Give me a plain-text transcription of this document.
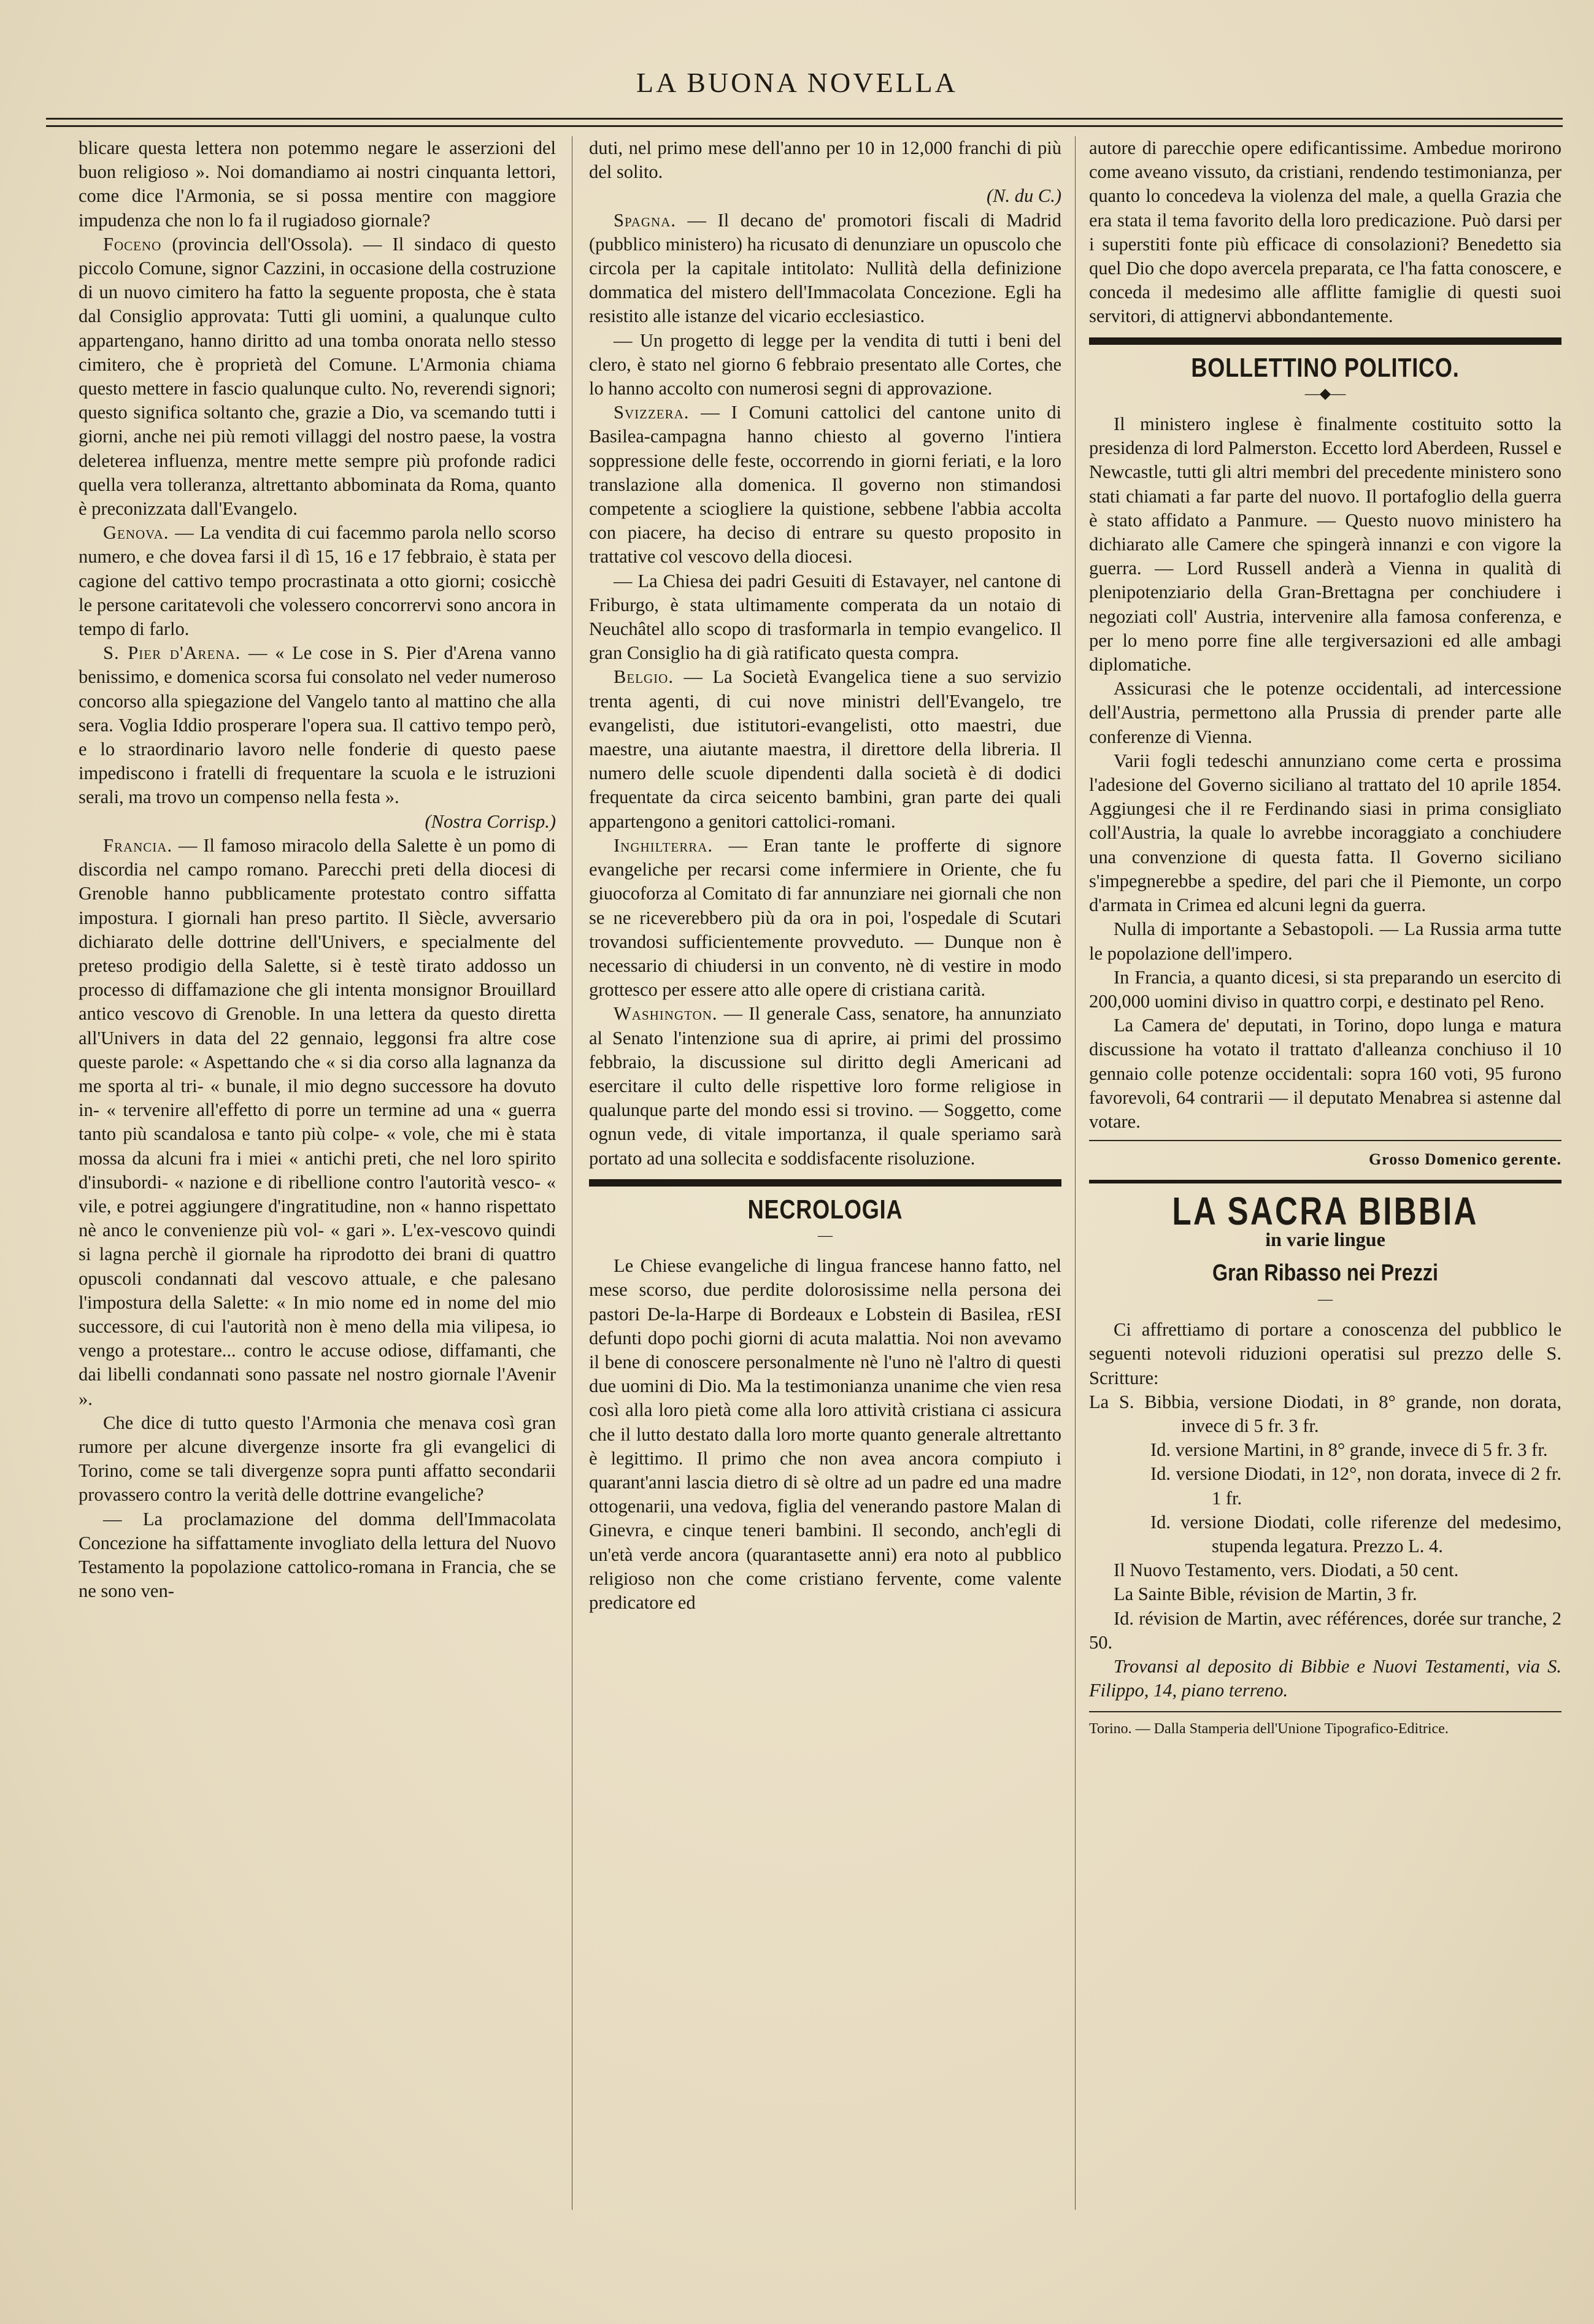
LA BUONA NOVELLA

blicare questa lettera non potemmo negare le asserzioni del buon religioso ». Noi domandiamo ai nostri cinquanta lettori, come dice l'Armonia, se si possa mentire con maggiore impudenza che non lo fa il rugiadoso giornale?

Foceno (provincia dell'Ossola). — Il sindaco di questo piccolo Comune, signor Cazzini, in occasione della costruzione di un nuovo cimitero ha fatto la seguente proposta, che è stata dal Consiglio approvata: Tutti gli uomini, a qualunque culto appartengano, hanno diritto ad una tomba onorata nello stesso cimitero, che è proprietà del Comune. L'Armonia chiama questo mettere in fascio qualunque culto. No, reverendi signori; questo significa soltanto che, grazie a Dio, va scemando tutti i giorni, anche nei più remoti villaggi del nostro paese, la vostra deleterea influenza, mentre mette sempre più profonde radici quella vera tolleranza, altrettanto abbominata da Roma, quanto è preconizzata dall'Evangelo.

Genova. — La vendita di cui facemmo parola nello scorso numero, e che dovea farsi il dì 15, 16 e 17 febbraio, è stata per cagione del cattivo tempo procrastinata a otto giorni; cosicchè le persone caritatevoli che volessero concorrervi sono ancora in tempo di farlo.

S. Pier d'Arena. — « Le cose in S. Pier d'Arena vanno benissimo, e domenica scorsa fui consolato nel veder numeroso concorso alla spiegazione del Vangelo tanto al mattino che alla sera. Voglia Iddio prosperare l'opera sua. Il cattivo tempo però, e lo straordinario lavoro nelle fonderie di questo paese impediscono i fratelli di frequentare la scuola e le istruzioni serali, ma trovo un compenso nella festa ».

(Nostra Corrisp.)

Francia. — Il famoso miracolo della Salette è un pomo di discordia nel campo romano. Parecchi preti della diocesi di Grenoble hanno pubblicamente protestato contro siffatta impostura. I giornali han preso partito. Il Siècle, avversario dichiarato delle dottrine dell'Univers, e specialmente del preteso prodigio della Salette, si è testè tirato addosso un processo di diffamazione che gli intenta monsignor Brouillard antico vescovo di Grenoble. In una lettera da questo diretta all'Univers in data del 22 gennaio, leggonsi fra altre cose queste parole: « Aspettando che « si dia corso alla lagnanza da me sporta al tri- « bunale, il mio degno successore ha dovuto in- « tervenire all'effetto di porre un termine ad una « guerra tanto più scandalosa e tanto più colpe- « vole, che mi è stata mossa da alcuni fra i miei « antichi preti, che nel loro spirito d'insubordi- « nazione e di ribellione contro l'autorità vesco- « vile, e potrei aggiungere d'ingratitudine, non « hanno rispettato nè anco le convenienze più vol- « gari ». L'ex-vescovo quindi si lagna perchè il giornale ha riprodotto dei brani di quattro opuscoli condannati dal vescovo attuale, e che palesano l'impostura della Salette: « In mio nome ed in nome del mio successore, di cui l'autorità non è meno della mia vilipesa, io vengo a protestare... contro le accuse odiose, diffamanti, che dai libelli condannati sono passate nel nostro giornale l'Avenir ».

Che dice di tutto questo l'Armonia che menava così gran rumore per alcune divergenze insorte fra gli evangelici di Torino, come se tali divergenze sopra punti affatto secondarii provassero contro la verità delle dottrine evangeliche?

— La proclamazione del domma dell'Immacolata Concezione ha siffattamente invogliato della lettura del Nuovo Testamento la popolazione cattolico-romana in Francia, che se ne sono ven-

duti, nel primo mese dell'anno per 10 in 12,000 franchi di più del solito.

(N. du C.)

Spagna. — Il decano de' promotori fiscali di Madrid (pubblico ministero) ha ricusato di denunziare un opuscolo che circola per la capitale intitolato: Nullità della definizione dommatica del mistero dell'Immacolata Concezione. Egli ha resistito alle istanze del vicario ecclesiastico.

— Un progetto di legge per la vendita di tutti i beni del clero, è stato nel giorno 6 febbraio presentato alle Cortes, che lo hanno accolto con numerosi segni di approvazione.

Svizzera. — I Comuni cattolici del cantone unito di Basilea-campagna hanno chiesto al governo l'intiera soppressione delle feste, occorrendo in giorni feriati, e la loro translazione alla domenica. Il governo non stimandosi competente a sciogliere la quistione, sebbene l'abbia accolta con piacere, ha deciso di entrare su questo proposito in trattative col vescovo della diocesi.

— La Chiesa dei padri Gesuiti di Estavayer, nel cantone di Friburgo, è stata ultimamente comperata da un notaio di Neuchâtel allo scopo di trasformarla in tempio evangelico. Il gran Consiglio ha di già ratificato questa compra.

Belgio. — La Società Evangelica tiene a suo servizio trenta agenti, di cui nove ministri dell'Evangelo, tre evangelisti, due istitutori-evangelisti, otto maestri, due maestre, una aiutante maestra, il direttore della libreria. Il numero delle scuole dipendenti dalla società è di dodici frequentate da circa seicento bambini, gran parte dei quali appartengono a genitori cattolici-romani.

Inghilterra. — Eran tante le profferte di signore evangeliche per recarsi come infermiere in Oriente, che fu giuocoforza al Comitato di far annunziare nei giornali che non se ne riceverebbero più da ora in poi, l'ospedale di Scutari trovandosi sufficientemente provveduto. — Dunque non è necessario di chiudersi in un convento, nè di vestire in modo grottesco per essere atto alle opere di cristiana carità.

Washington. — Il generale Cass, senatore, ha annunziato al Senato l'intenzione sua di aprire, ai primi del prossimo febbraio, la discussione sul diritto degli Americani ad esercitare il culto delle rispettive loro forme religiose in qualunque parte del mondo essi si trovino. — Soggetto, come ognun vede, di vitale importanza, il quale speriamo sarà portato ad una sollecita e soddisfacente risoluzione.

NECROLOGIA
—

Le Chiese evangeliche di lingua francese hanno fatto, nel mese scorso, due perdite dolorosissime nella persona dei pastori De-la-Harpe di Bordeaux e Lobstein di Basilea, rESI defunti dopo pochi giorni di acuta malattia. Noi non avevamo il bene di conoscere personalmente nè l'uno nè l'altro di questi due uomini di Dio. Ma la testimonianza unanime che vien resa così alla loro pietà come alla loro attività cristiana ci assicura che il lutto destato dalla loro morte quanto generale altrettanto è legittimo. Il primo che non avea ancora compiuto i quarant'anni lascia dietro di sè oltre ad un padre ed una madre ottogenarii, una vedova, figlia del venerando pastore Malan di Ginevra, e cinque teneri bambini. Il secondo, anch'egli di un'età verde ancora (quarantasette anni) era noto al pubblico religioso non che come cristiano fervente, come valente predicatore ed

autore di parecchie opere edificantissime. Ambedue morirono come aveano vissuto, da cristiani, rendendo testimonianza, per quanto lo concedeva la violenza del male, a quella Grazia che era stata il tema favorito della loro predicazione. Può darsi per i superstiti fonte più efficace di consolazioni? Benedetto sia quel Dio che dopo avercela preparata, ce l'ha fatta conoscere, e conceda il medesimo alle afflitte famiglie di questi suoi servitori, di attignervi abbondantemente.

BOLLETTINO POLITICO.
—◆—

Il ministero inglese è finalmente costituito sotto la presidenza di lord Palmerston. Eccetto lord Aberdeen, Russel e Newcastle, tutti gli altri membri del precedente ministero sono stati chiamati a far parte del nuovo. Il portafoglio della guerra è stato affidato a Panmure. — Questo nuovo ministero ha dichiarato alle Camere che spingerà innanzi e con vigore la guerra. — Lord Russell anderà a Vienna in qualità di plenipotenziario della Gran-Brettagna per conchiudere i negoziati coll' Austria, intervenire alla famosa conferenza, e per lo meno porre fine alle tergiversazioni ed alle ambagi diplomatiche.

Assicurasi che le potenze occidentali, ad intercessione dell'Austria, permettono alla Prussia di prender parte alle conferenze di Vienna.

Varii fogli tedeschi annunziano come certa e prossima l'adesione del Governo siciliano al trattato del 10 aprile 1854. Aggiungesi che il re Ferdinando siasi in prima consigliato coll'Austria, la quale lo avrebbe incoraggiato a conchiudere una convenzione di questa fatta. Il Governo siciliano s'impegnerebbe a spedire, del pari che il Piemonte, un corpo d'armata in Crimea ed alcuni legni da guerra.

Nulla di importante a Sebastopoli. — La Russia arma tutte le popolazione dell'impero.

In Francia, a quanto dicesi, si sta preparando un esercito di 200,000 uomini diviso in quattro corpi, e destinato pel Reno.

La Camera de' deputati, in Torino, dopo lunga e matura discussione ha votato il trattato d'alleanza conchiuso il 10 gennaio colle potenze occidentali: sopra 160 voti, 95 furono favorevoli, 64 contrarii — il deputato Menabrea si astenne dal votare.

Grosso Domenico gerente.
LA SACRA BIBBIA
in varie lingue
Gran Ribasso nei Prezzi
—

Ci affrettiamo di portare a conoscenza del pubblico le seguenti notevoli riduzioni operatisi sul prezzo delle S. Scritture:

La S. Bibbia, versione Diodati, in 8° grande, non dorata, invece di 5 fr. 3 fr.

Id. versione Martini, in 8° grande, invece di 5 fr. 3 fr.

Id. versione Diodati, in 12°, non dorata, invece di 2 fr. 1 fr.

Id. versione Diodati, colle riferenze del medesimo, stupenda legatura. Prezzo L. 4.

Il Nuovo Testamento, vers. Diodati, a 50 cent.

La Sainte Bible, révision de Martin, 3 fr.

Id. révision de Martin, avec références, dorée sur tranche, 2 50.

Trovansi al deposito di Bibbie e Nuovi Testamenti, via S. Filippo, 14, piano terreno.

Torino. — Dalla Stamperia dell'Unione Tipografico-Editrice.
